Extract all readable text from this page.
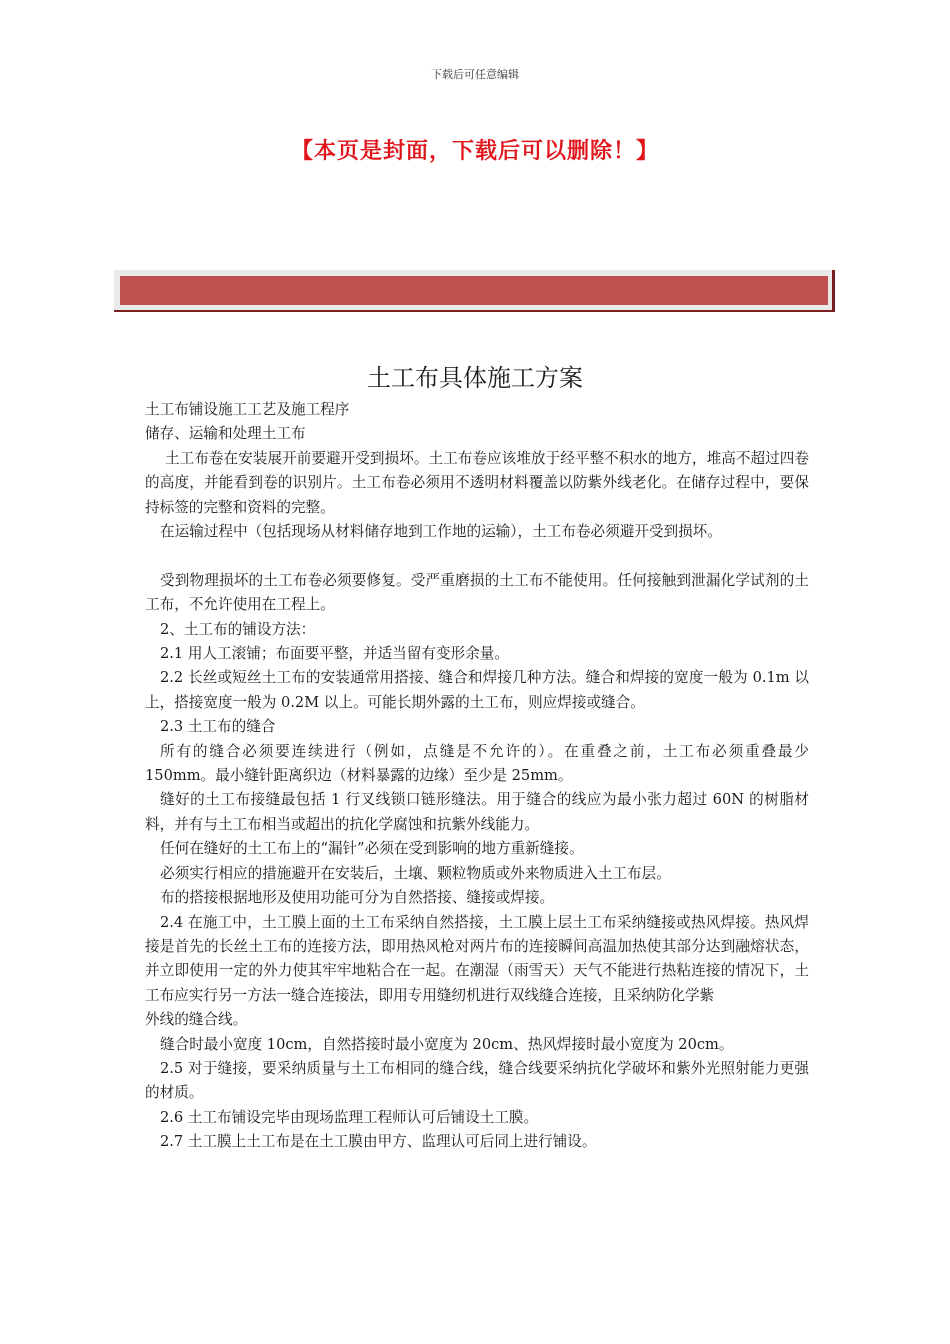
下载后可任意编辑
【本页是封面，下载后可以删除！】
土工布具体施工方案

土工布铺设施工工艺及施工程序

储存、运输和处理土工布

土工布卷在安装展开前要避开受到损坏。土工布卷应该堆放于经平整不积水的地方，堆高不超过四卷的高度，并能看到卷的识别片。土工布卷必须用不透明材料覆盖以防紫外线老化。在储存过程中，要保持标签的完整和资料的完整。

在运输过程中（包括现场从材料储存地到工作地的运输），土工布卷必须避开受到损坏。

受到物理损坏的土工布卷必须要修复。受严重磨损的土工布不能使用。任何接触到泄漏化学试剂的土工布，不允许使用在工程上。

2、土工布的铺设方法：

2.1 用人工滚铺；布面要平整，并适当留有变形余量。

2.2 长丝或短丝土工布的安装通常用搭接、缝合和焊接几种方法。缝合和焊接的宽度一般为 0.1m 以上，搭接宽度一般为 0.2M 以上。可能长期外露的土工布，则应焊接或缝合。

2.3 土工布的缝合

所有的缝合必须要连续进行（例如，点缝是不允许的）。在重叠之前，土工布必须重叠最少 150mm。最小缝针距离织边（材料暴露的边缘）至少是 25mm。

缝好的土工布接缝最包括 1 行叉线锁口链形缝法。用于缝合的线应为最小张力超过 60N 的树脂材料，并有与土工布相当或超出的抗化学腐蚀和抗紫外线能力。

任何在缝好的土工布上的“漏针”必须在受到影响的地方重新缝接。

必须实行相应的措施避开在安装后，土壤、颗粒物质或外来物质进入土工布层。

布的搭接根据地形及使用功能可分为自然搭接、缝接或焊接。

2.4 在施工中，土工膜上面的土工布采纳自然搭接，土工膜上层土工布采纳缝接或热风焊接。热风焊接是首先的长丝土工布的连接方法，即用热风枪对两片布的连接瞬间高温加热使其部分达到融熔状态，并立即使用一定的外力使其牢牢地粘合在一起。在潮湿（雨雪天）天气不能进行热粘连接的情况下，土工布应实行另一方法一缝合连接法，即用专用缝纫机进行双线缝合连接，且采纳防化学紫

外线的缝合线。

缝合时最小宽度 10cm，自然搭接时最小宽度为 20cm、热风焊接时最小宽度为 20cm。

2.5 对于缝接，要采纳质量与土工布相同的缝合线，缝合线要采纳抗化学破坏和紫外光照射能力更强的材质。

2.6 土工布铺设完毕由现场监理工程师认可后铺设土工膜。

2.7 土工膜上土工布是在土工膜由甲方、监理认可后同上进行铺设。
